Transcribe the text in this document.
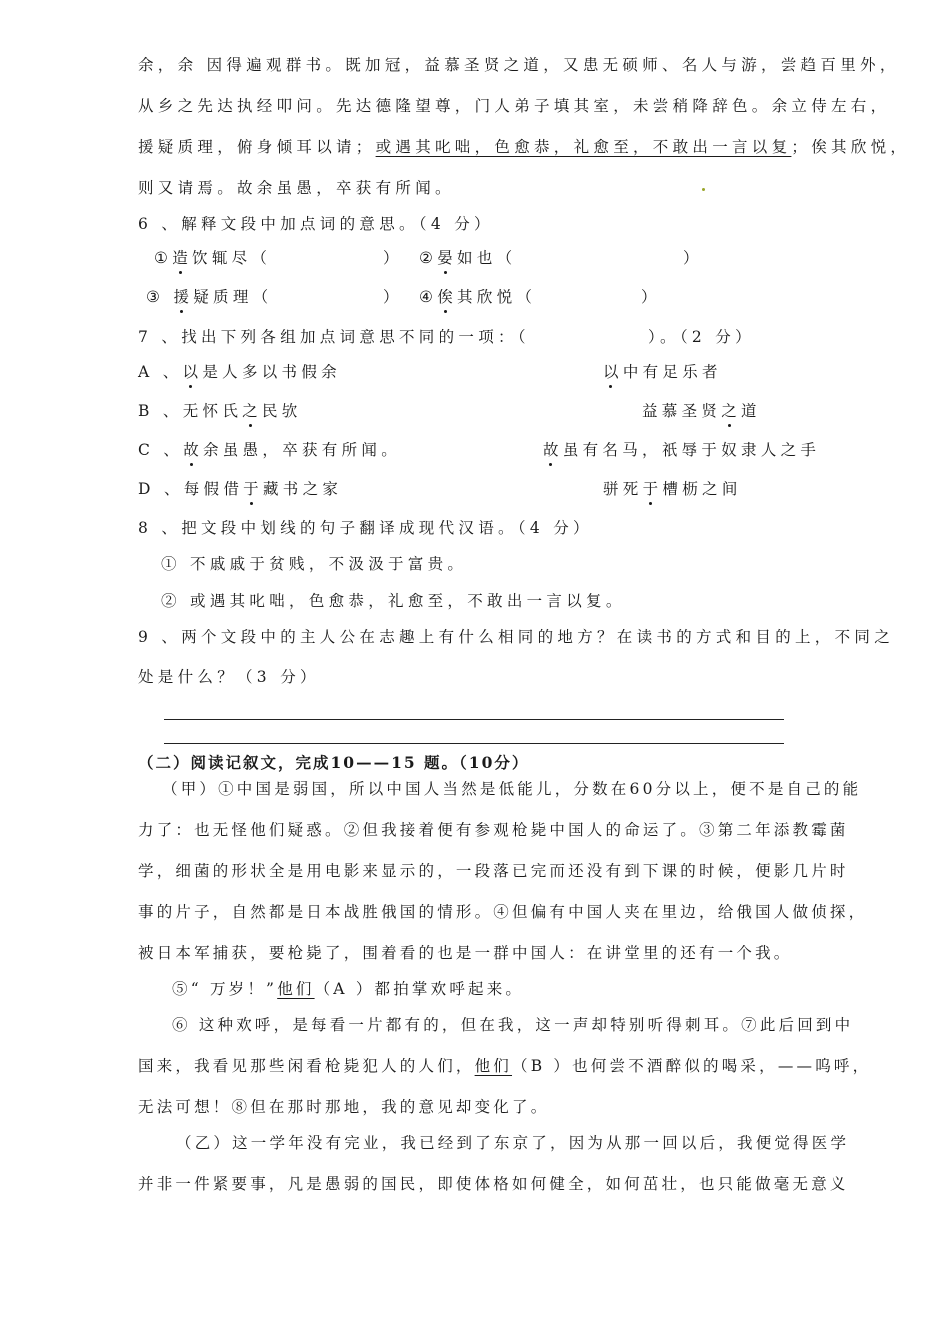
余，余 因得遍观群书。既加冠，益慕圣贤之道，又患无硕师、名人与游，尝趋百里外，
从乡之先达执经叩问。先达德隆望尊，门人弟子填其室，未尝稍降辞色。余立侍左右，
援疑质理，俯身倾耳以请；或遇其叱咄，色愈恭，礼愈至，不敢出一言以复；俟其欣悦，
则又请焉。故余虽愚，卒获有所闻。
6 、解释文段中加点词的意思。（4 分）
①造饮辄尽（	） ②晏如也（	）
③ 援疑质理（	） ④俟其欣悦（	）
7 、找出下列各组加点词意思不同的一项：（	）。（2 分）
A 、以是人多以书假余	以中有足乐者
B 、无怀氏之民欤	益慕圣贤之道
C 、故余虽愚，卒获有所闻。	故虽有名马，祇辱于奴隶人之手
D 、每假借于藏书之家	骈死于槽枥之间
8 、把文段中划线的句子翻译成现代汉语。（4 分）
① 不戚戚于贫贱，不汲汲于富贵。
② 或遇其叱咄，色愈恭，礼愈至，不敢出一言以复。
9 、两个文段中的主人公在志趣上有什么相同的地方？在读书的方式和目的上，不同之
处是什么？（3 分）
（二）阅读记叙文，完成10——15 题。（10分）
（甲）①中国是弱国，所以中国人当然是低能儿，分数在60分以上，便不是自己的能
力了：也无怪他们疑惑。②但我接着便有参观枪毙中国人的命运了。③第二年添教霉菌
学，细菌的形状全是用电影来显示的，一段落已完而还没有到下课的时候，便影几片时
事的片子，自然都是日本战胜俄国的情形。④但偏有中国人夹在里边，给俄国人做侦探，
被日本军捕获，要枪毙了，围着看的也是一群中国人：在讲堂里的还有一个我。
⑤“ 万岁！”他们（A ）都拍掌欢呼起来。
⑥ 这种欢呼，是每看一片都有的，但在我，这一声却特别听得刺耳。⑦此后回到中
国来，我看见那些闲看枪毙犯人的人们，他们（B ）也何尝不酒醉似的喝采，——呜呼，
无法可想！⑧但在那时那地，我的意见却变化了。
（乙）这一学年没有完业，我已经到了东京了，因为从那一回以后，我便觉得医学
并非一件紧要事，凡是愚弱的国民，即使体格如何健全，如何茁壮，也只能做毫无意义
